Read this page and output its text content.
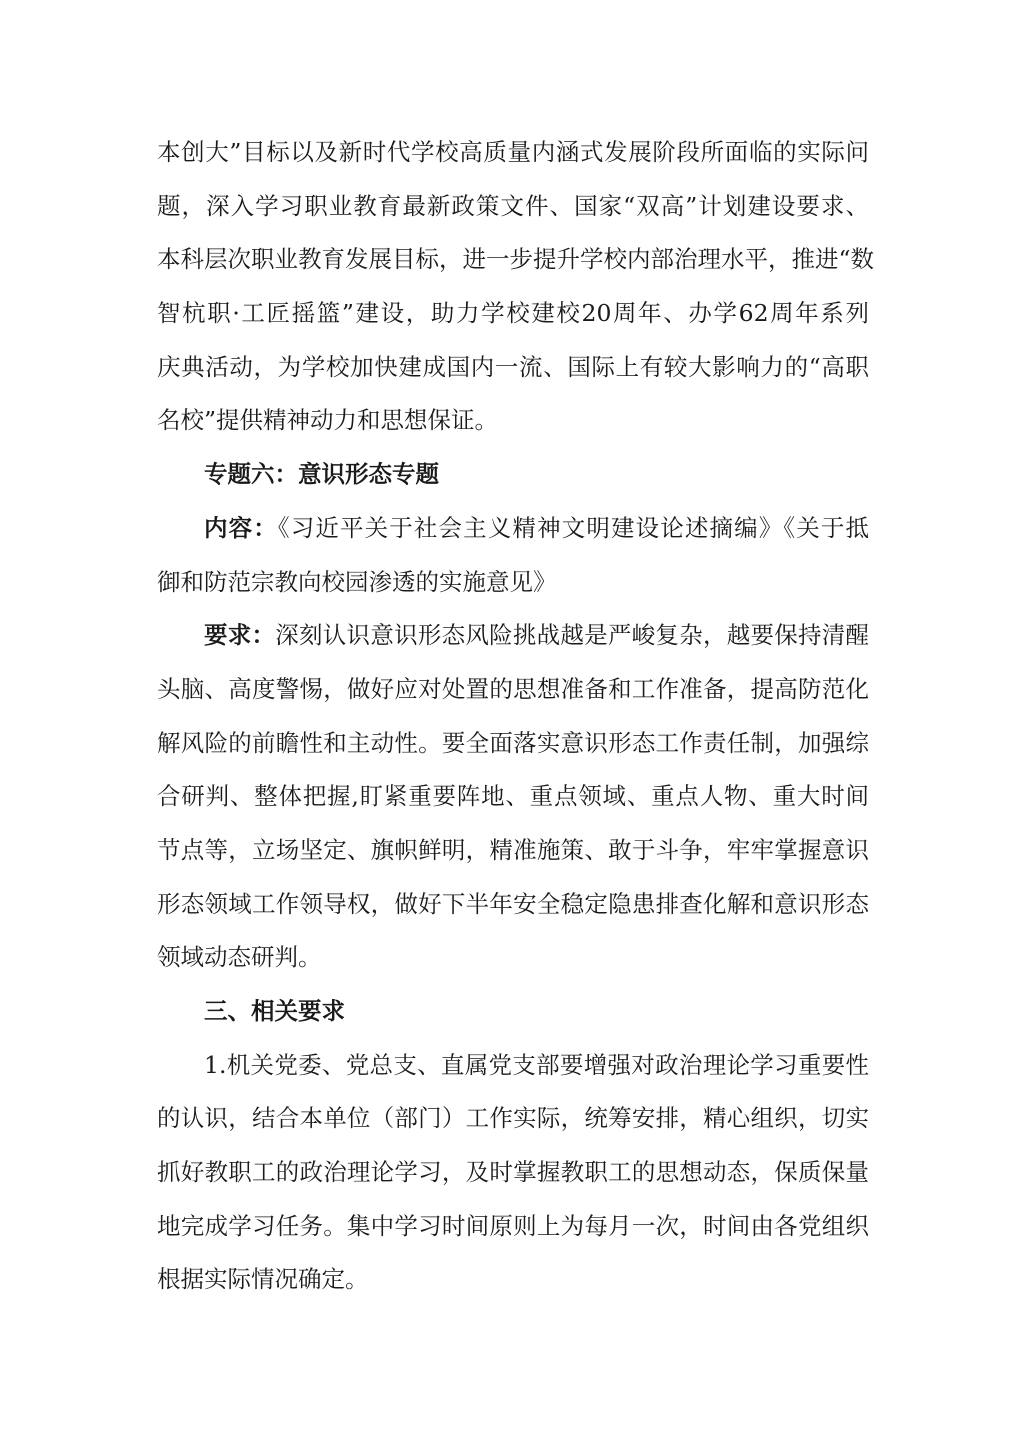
本创大”目标以及新时代学校高质量内涵式发展阶段所面临的实际问
题，深入学习职业教育最新政策文件、国家“双高”计划建设要求、
本科层次职业教育发展目标，进一步提升学校内部治理水平，推进“数
智杭职·工匠摇篮”建设，助力学校建校20周年、办学62周年系列
庆典活动，为学校加快建成国内一流、国际上有较大影响力的“高职
名校”提供精神动力和思想保证。
专题六：意识形态专题
内容：《习近平关于社会主义精神文明建设论述摘编》《关于抵
御和防范宗教向校园渗透的实施意见》
要求：深刻认识意识形态风险挑战越是严峻复杂，越要保持清醒
头脑、高度警惕，做好应对处置的思想准备和工作准备，提高防范化
解风险的前瞻性和主动性。要全面落实意识形态工作责任制，加强综
合研判、整体把握,盯紧重要阵地、重点领域、重点人物、重大时间
节点等，立场坚定、旗帜鲜明，精准施策、敢于斗争，牢牢掌握意识
形态领域工作领导权，做好下半年安全稳定隐患排查化解和意识形态
领域动态研判。
三、相关要求
1.机关党委、党总支、直属党支部要增强对政治理论学习重要性
的认识，结合本单位（部门）工作实际，统筹安排，精心组织，切实
抓好教职工的政治理论学习，及时掌握教职工的思想动态，保质保量
地完成学习任务。集中学习时间原则上为每月一次，时间由各党组织
根据实际情况确定。
